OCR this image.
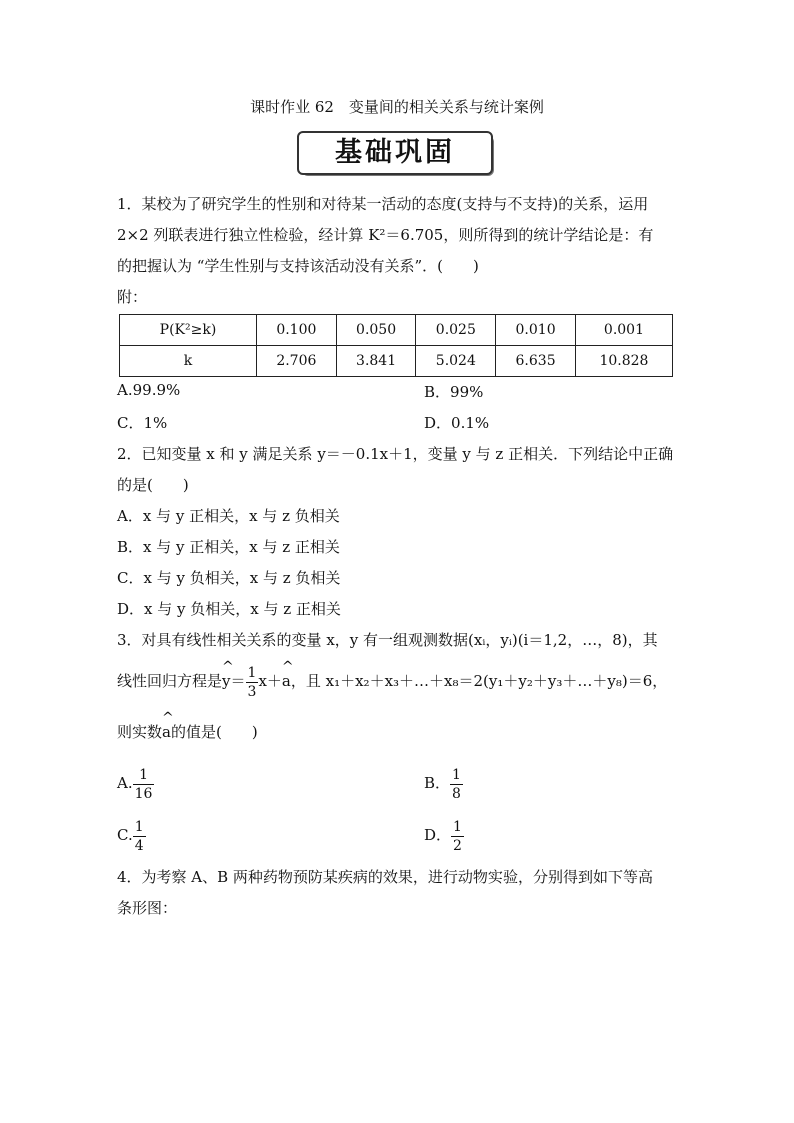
课时作业 62　变量间的相关关系与统计案例
基础巩固
1．某校为了研究学生的性别和对待某一活动的态度(支持与不支持)的关系，运用
2×2 列联表进行独立性检验，经计算 K²＝6.705，则所得到的统计学结论是：有
的把握认为 “学生性别与支持该活动没有关系”．(　　)
附：
P(K²≥k)	0.100	0.050	0.025	0.010	0.001
k	2.706	3.841	5.024	6.635	10.828
A.99.9%	B．99%
C．1%	D．0.1%
2．已知变量 x 和 y 满足关系 y＝－0.1x＋1，变量 y 与 z 正相关．下列结论中正确
的是(　　)
A．x 与 y 正相关，x 与 z 负相关
B．x 与 y 正相关，x 与 z 正相关
C．x 与 y 负相关，x 与 z 负相关
D．x 与 y 负相关，x 与 z 正相关
3．对具有线性相关关系的变量 x，y 有一组观测数据(xᵢ，yᵢ)(i＝1,2，…，8)，其
线性回归方程是
^
$y= \frac{1}{3} x+$
^
a，且 x₁＋x₂＋x₃＋…＋x₈＝2(y₁＋y₂＋y₃＋…＋y₈)＝6，
则实数
^
a的值是(　　)
A. $\frac{1}{16}$	B． $\frac{1}{8}$
C. $\frac{1}{4}$	D． $\frac{1}{2}$
4．为考察 A、B 两种药物预防某疾病的效果，进行动物实验，分别得到如下等高
条形图：
